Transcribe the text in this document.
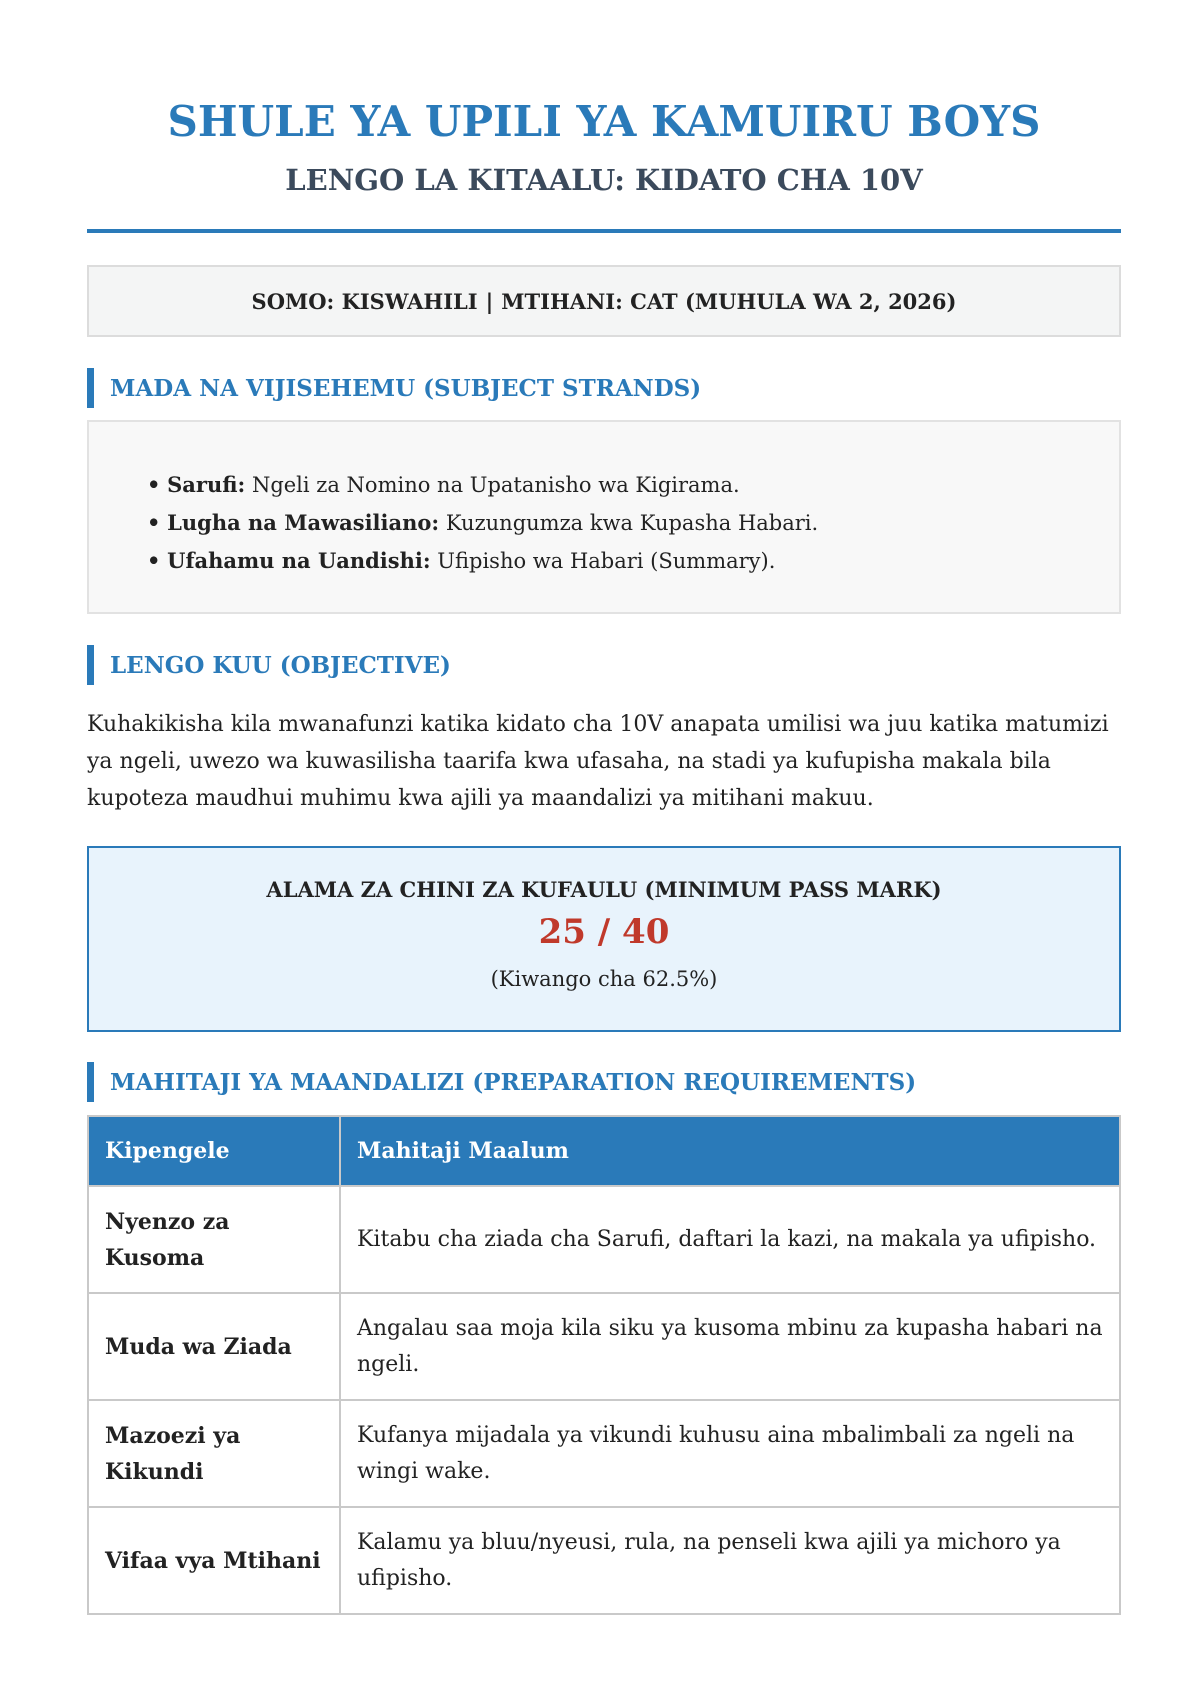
SHULE YA UPILI YA KAMUIRU BOYS
LENGO LA KITAALU: KIDATO CHA 10V
SOMO: KISWAHILI | MTIHANI: CAT (MUHULA WA 2, 2026)
MADA NA VIJISEHEMU (SUBJECT STRANDS)
• Sarufi: Ngeli za Nomino na Upatanisho wa Kigirama.
• Lugha na Mawasiliano: Kuzungumza kwa Kupasha Habari.
• Ufahamu na Uandishi: Ufipisho wa Habari (Summary).
LENGO KUU (OBJECTIVE)

Kuhakikisha kila mwanafunzi katika kidato cha 10V anapata umilisi wa juu katika matumizi ya ngeli, uwezo wa kuwasilisha taarifa kwa ufasaha, na stadi ya kufupisha makala bila kupoteza maudhui muhimu kwa ajili ya maandalizi ya mitihani makuu.

ALAMA ZA CHINI ZA KUFAULU (MINIMUM PASS MARK)
25 / 40
(Kiwango cha 62.5%)
MAHITAJI YA MAANDALIZI (PREPARATION REQUIREMENTS)
Kipengele	Mahitaji Maalum
Nyenzo za Kusoma	Kitabu cha ziada cha Sarufi, daftari la kazi, na makala ya ufipisho.
Muda wa Ziada	Angalau saa moja kila siku ya kusoma mbinu za kupasha habari na ngeli.
Mazoezi ya Kikundi	Kufanya mijadala ya vikundi kuhusu aina mbalimbali za ngeli na wingi wake.
Vifaa vya Mtihani	Kalamu ya bluu/nyeusi, rula, na penseli kwa ajili ya michoro ya ufipisho.
